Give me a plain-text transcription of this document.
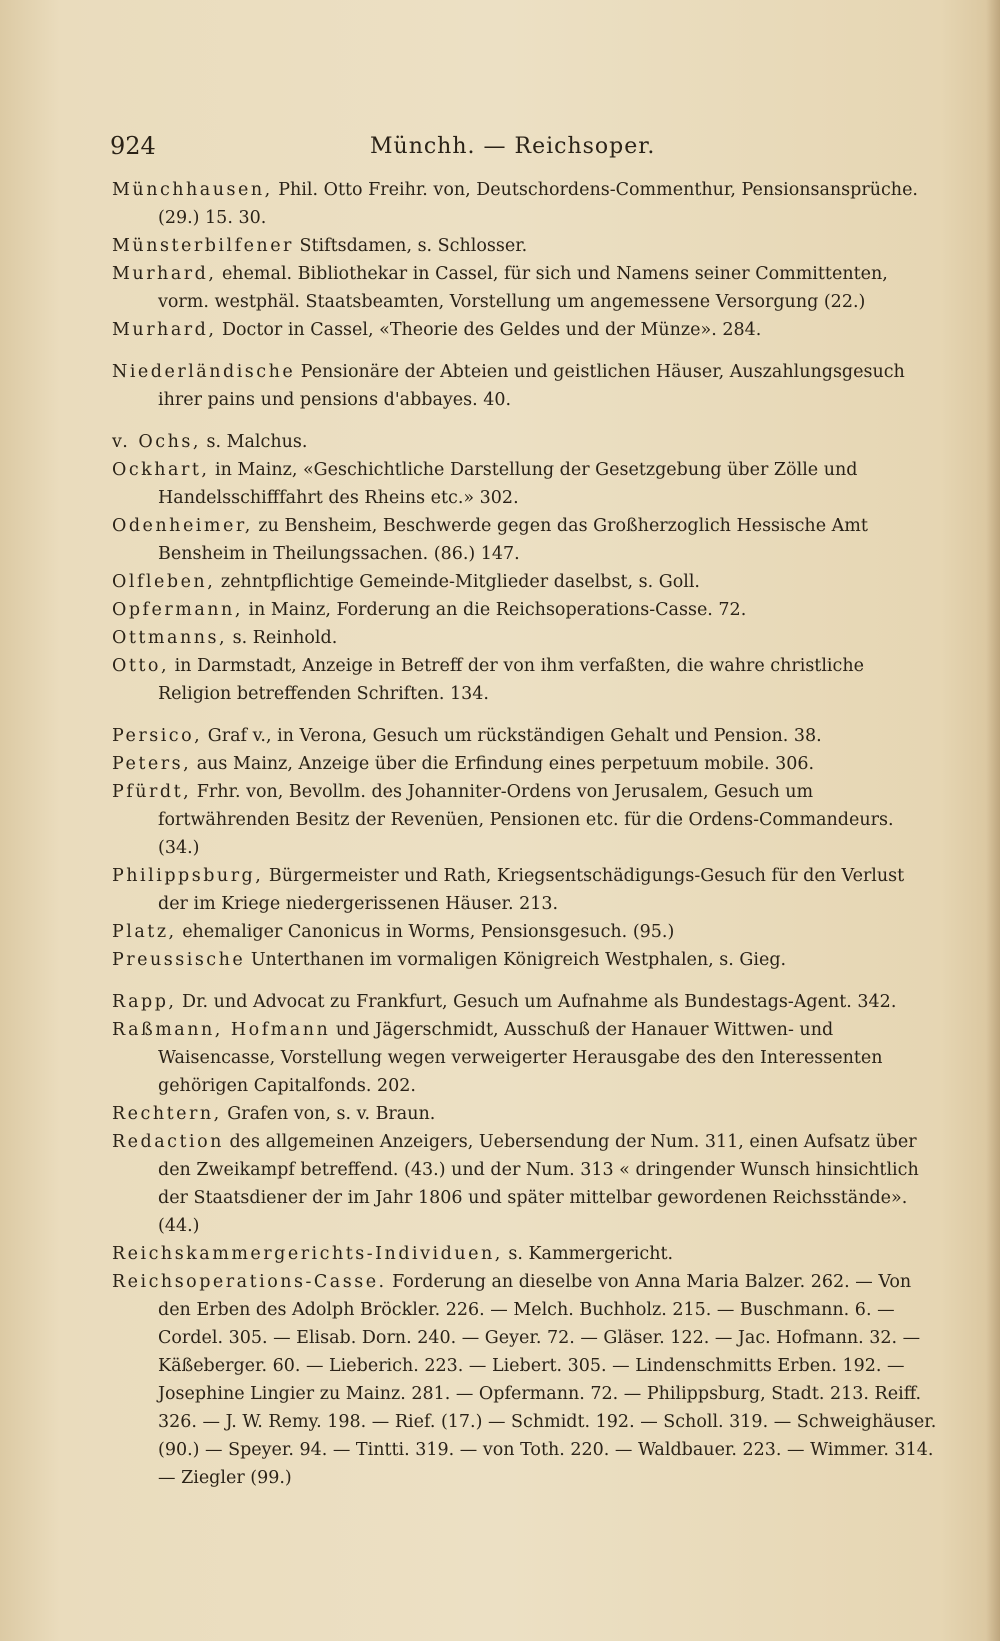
924	Münchh. — Reichsoper.

Münchhausen, Phil. Otto Freihr. von, Deutschordens-Commenthur, Pensionsansprüche. (29.) 15. 30.

Münsterbilfener Stiftsdamen, s. Schlosser.

Murhard, ehemal. Bibliothekar in Cassel, für sich und Namens seiner Committenten, vorm. westphäl. Staatsbeamten, Vorstellung um angemessene Versorgung (22.)

Murhard, Doctor in Cassel, «Theorie des Geldes und der Münze». 284.

Niederländische Pensionäre der Abteien und geistlichen Häuser, Auszahlungsgesuch ihrer pains und pensions d'abbayes. 40.

v. Ochs, s. Malchus.

Ockhart, in Mainz, «Geschichtliche Darstellung der Gesetzgebung über Zölle und Handelsschifffahrt des Rheins etc.» 302.

Odenheimer, zu Bensheim, Beschwerde gegen das Großherzoglich Hessische Amt Bensheim in Theilungssachen. (86.) 147.

Olfleben, zehntpflichtige Gemeinde-Mitglieder daselbst, s. Goll.

Opfermann, in Mainz, Forderung an die Reichsoperations-Casse. 72.

Ottmanns, s. Reinhold.

Otto, in Darmstadt, Anzeige in Betreff der von ihm verfaßten, die wahre christliche Religion betreffenden Schriften. 134.

Persico, Graf v., in Verona, Gesuch um rückständigen Gehalt und Pension. 38.

Peters, aus Mainz, Anzeige über die Erfindung eines perpetuum mobile. 306.

Pfürdt, Frhr. von, Bevollm. des Johanniter-Ordens von Jerusalem, Gesuch um fortwährenden Besitz der Revenüen, Pensionen etc. für die Ordens-Commandeurs. (34.)

Philippsburg, Bürgermeister und Rath, Kriegsentschädigungs-Gesuch für den Verlust der im Kriege niedergerissenen Häuser. 213.

Platz, ehemaliger Canonicus in Worms, Pensionsgesuch. (95.)

Preussische Unterthanen im vormaligen Königreich Westphalen, s. Gieg.

Rapp, Dr. und Advocat zu Frankfurt, Gesuch um Aufnahme als Bundestags-Agent. 342.

Raßmann, Hofmann und Jägerschmidt, Ausschuß der Hanauer Wittwen- und Waisencasse, Vorstellung wegen verweigerter Herausgabe des den Interessenten gehörigen Capitalfonds. 202.

Rechtern, Grafen von, s. v. Braun.

Redaction des allgemeinen Anzeigers, Uebersendung der Num. 311, einen Aufsatz über den Zweikampf betreffend. (43.) und der Num. 313 « dringender Wunsch hinsichtlich der Staatsdiener der im Jahr 1806 und später mittelbar gewordenen Reichsstände». (44.)

Reichskammergerichts-Individuen, s. Kammergericht.

Reichsoperations-Casse. Forderung an dieselbe von Anna Maria Balzer. 262. — Von den Erben des Adolph Bröckler. 226. — Melch. Buchholz. 215. — Buschmann. 6. — Cordel. 305. — Elisab. Dorn. 240. — Geyer. 72. — Gläser. 122. — Jac. Hofmann. 32. — Käßeberger. 60. — Lieberich. 223. — Liebert. 305. — Lindenschmitts Erben. 192. — Josephine Lingier zu Mainz. 281. — Opfermann. 72. — Philippsburg, Stadt. 213. Reiff. 326. — J. W. Remy. 198. — Rief. (17.) — Schmidt. 192. — Scholl. 319. — Schweighäuser. (90.) — Speyer. 94. — Tintti. 319. — von Toth. 220. — Waldbauer. 223. — Wimmer. 314. — Ziegler (99.)
